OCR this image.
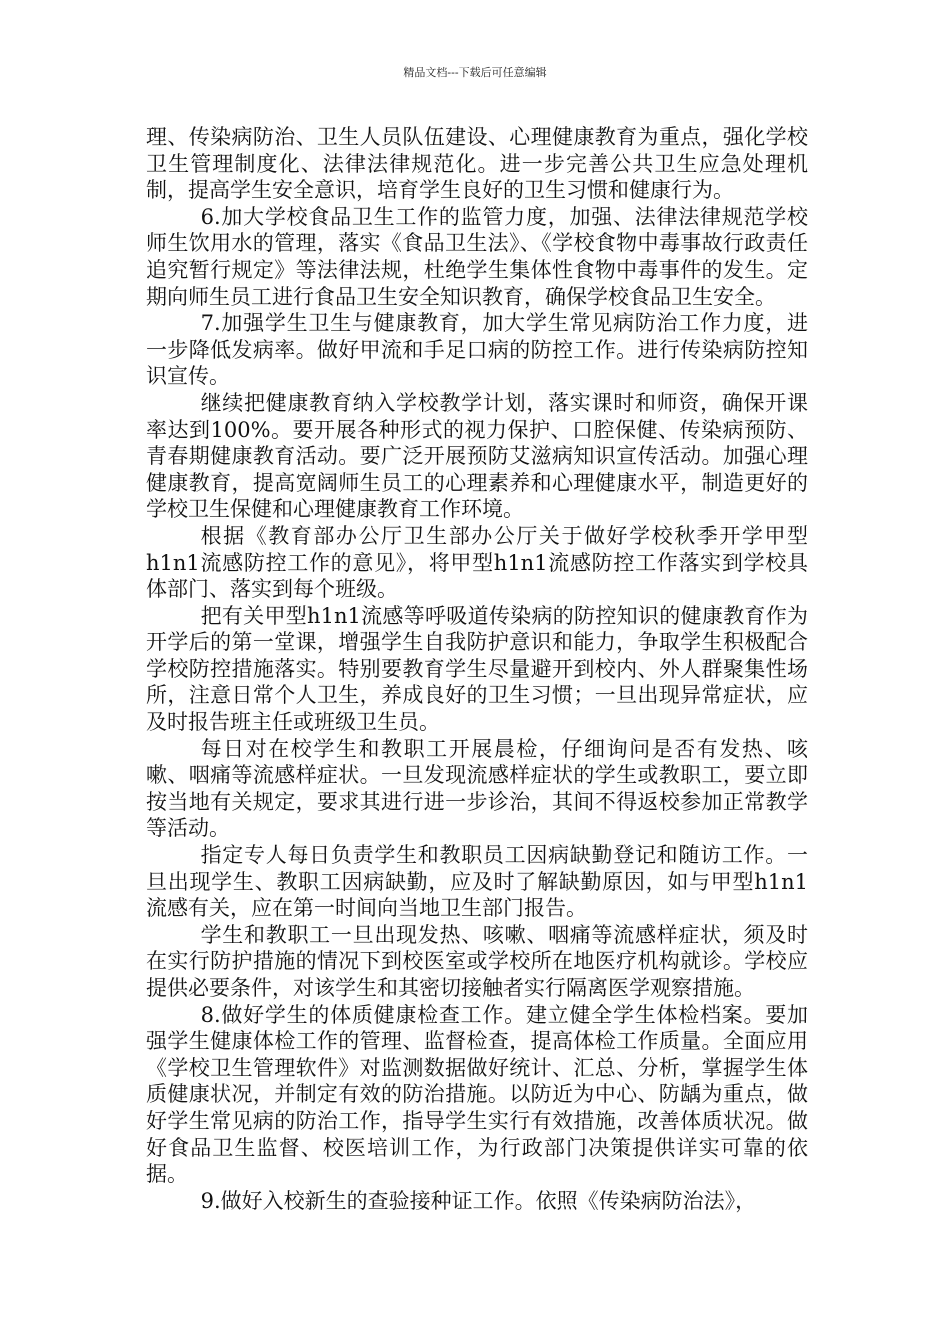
精品文档---下载后可任意编辑

理、传染病防治、卫生人员队伍建设、心理健康教育为重点，强化学校卫生管理制度化、法律法律规范化。进一步完善公共卫生应急处理机制，提高学生安全意识，培育学生良好的卫生习惯和健康行为。

6.加大学校食品卫生工作的监管力度，加强、法律法律规范学校师生饮用水的管理，落实《食品卫生法》、《学校食物中毒事故行政责任追究暂行规定》等法律法规，杜绝学生集体性食物中毒事件的发生。定期向师生员工进行食品卫生安全知识教育，确保学校食品卫生安全。

7.加强学生卫生与健康教育，加大学生常见病防治工作力度，进一步降低发病率。做好甲流和手足口病的防控工作。进行传染病防控知识宣传。

继续把健康教育纳入学校教学计划，落实课时和师资，确保开课率达到100%。要开展各种形式的视力保护、口腔保健、传染病预防、青春期健康教育活动。要广泛开展预防艾滋病知识宣传活动。加强心理健康教育，提高宽阔师生员工的心理素养和心理健康水平，制造更好的学校卫生保健和心理健康教育工作环境。

根据《教育部办公厅卫生部办公厅关于做好学校秋季开学甲型h1n1流感防控工作的意见》，将甲型h1n1流感防控工作落实到学校具体部门、落实到每个班级。

把有关甲型h1n1流感等呼吸道传染病的防控知识的健康教育作为开学后的第一堂课，增强学生自我防护意识和能力，争取学生积极配合学校防控措施落实。特别要教育学生尽量避开到校内、外人群聚集性场所，注意日常个人卫生，养成良好的卫生习惯；一旦出现异常症状，应及时报告班主任或班级卫生员。

每日对在校学生和教职工开展晨检，仔细询问是否有发热、咳嗽、咽痛等流感样症状。一旦发现流感样症状的学生或教职工，要立即按当地有关规定，要求其进行进一步诊治，其间不得返校参加正常教学等活动。

指定专人每日负责学生和教职员工因病缺勤登记和随访工作。一旦出现学生、教职工因病缺勤，应及时了解缺勤原因，如与甲型h1n1流感有关，应在第一时间向当地卫生部门报告。

学生和教职工一旦出现发热、咳嗽、咽痛等流感样症状，须及时在实行防护措施的情况下到校医室或学校所在地医疗机构就诊。学校应提供必要条件，对该学生和其密切接触者实行隔离医学观察措施。

8.做好学生的体质健康检查工作。建立健全学生体检档案。要加强学生健康体检工作的管理、监督检查，提高体检工作质量。全面应用《学校卫生管理软件》对监测数据做好统计、汇总、分析，掌握学生体质健康状况，并制定有效的防治措施。以防近为中心、防龋为重点，做好学生常见病的防治工作，指导学生实行有效措施，改善体质状况。做好食品卫生监督、校医培训工作，为行政部门决策提供详实可靠的依据。

9.做好入校新生的查验接种证工作。依照《传染病防治法》，
